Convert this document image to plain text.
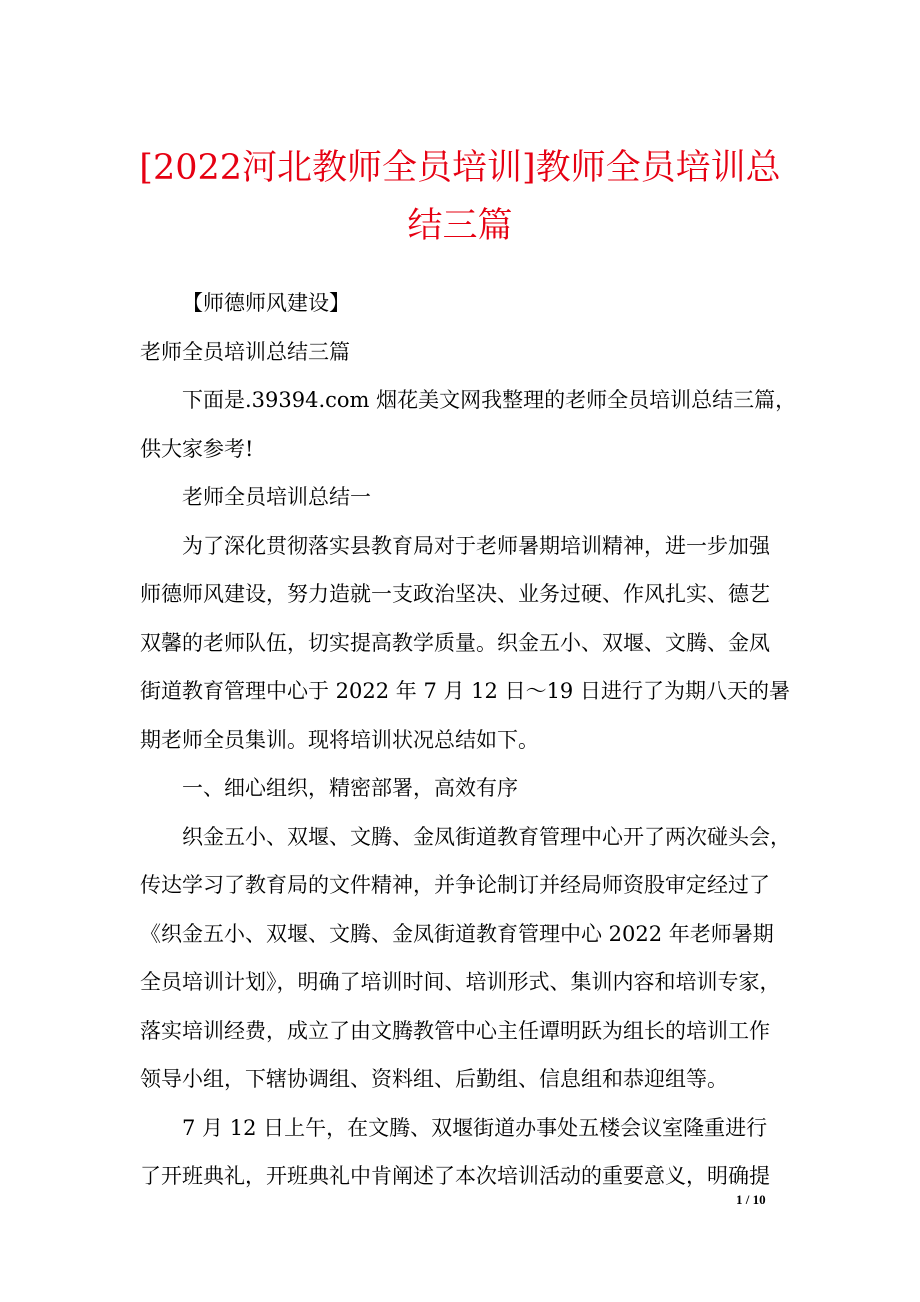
[2022河北教师全员培训]教师全员培训总
结三篇
【师德师风建设】
老师全员培训总结三篇
下面是.39394.com 烟花美文网我整理的老师全员培训总结三篇，
供大家参考!
老师全员培训总结一
为了深化贯彻落实县教育局对于老师暑期培训精神，进一步加强
师德师风建设，努力造就一支政治坚决、业务过硬、作风扎实、德艺
双馨的老师队伍，切实提高教学质量。织金五小、双堰、文腾、金凤
街道教育管理中心于 2022 年 7 月 12 日～19 日进行了为期八天的暑
期老师全员集训。现将培训状况总结如下。
一、细心组织，精密部署，高效有序
织金五小、双堰、文腾、金凤街道教育管理中心开了两次碰头会，
传达学习了教育局的文件精神，并争论制订并经局师资股审定经过了
《织金五小、双堰、文腾、金凤街道教育管理中心 2022 年老师暑期
全员培训计划》，明确了培训时间、培训形式、集训内容和培训专家，
落实培训经费，成立了由文腾教管中心主任谭明跃为组长的培训工作
领导小组，下辖协调组、资料组、后勤组、信息组和恭迎组等。
7 月 12 日上午，在文腾、双堰街道办事处五楼会议室隆重进行
了开班典礼，开班典礼中肯阐述了本次培训活动的重要意义，明确提
1 / 10
